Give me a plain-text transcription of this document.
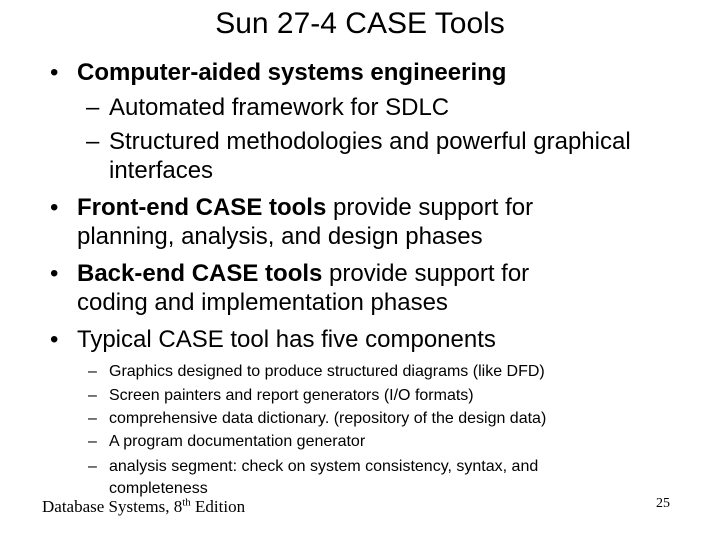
Sun 27-4 CASE Tools
• Computer-aided systems engineering
– Automated framework for SDLC
– Structured methodologies and powerful graphical
interfaces
• Front-end CASE tools provide support for
planning, analysis, and design phases
• Back-end CASE tools provide support for
coding and implementation phases
• Typical CASE tool has five components
– Graphics designed to produce structured diagrams (like DFD)
– Screen painters and report generators (I/O formats)
– comprehensive data dictionary. (repository of the design data)
– A program documentation generator
– analysis segment: check on system consistency, syntax, and
completeness
Database Systems, 8th Edition	25
